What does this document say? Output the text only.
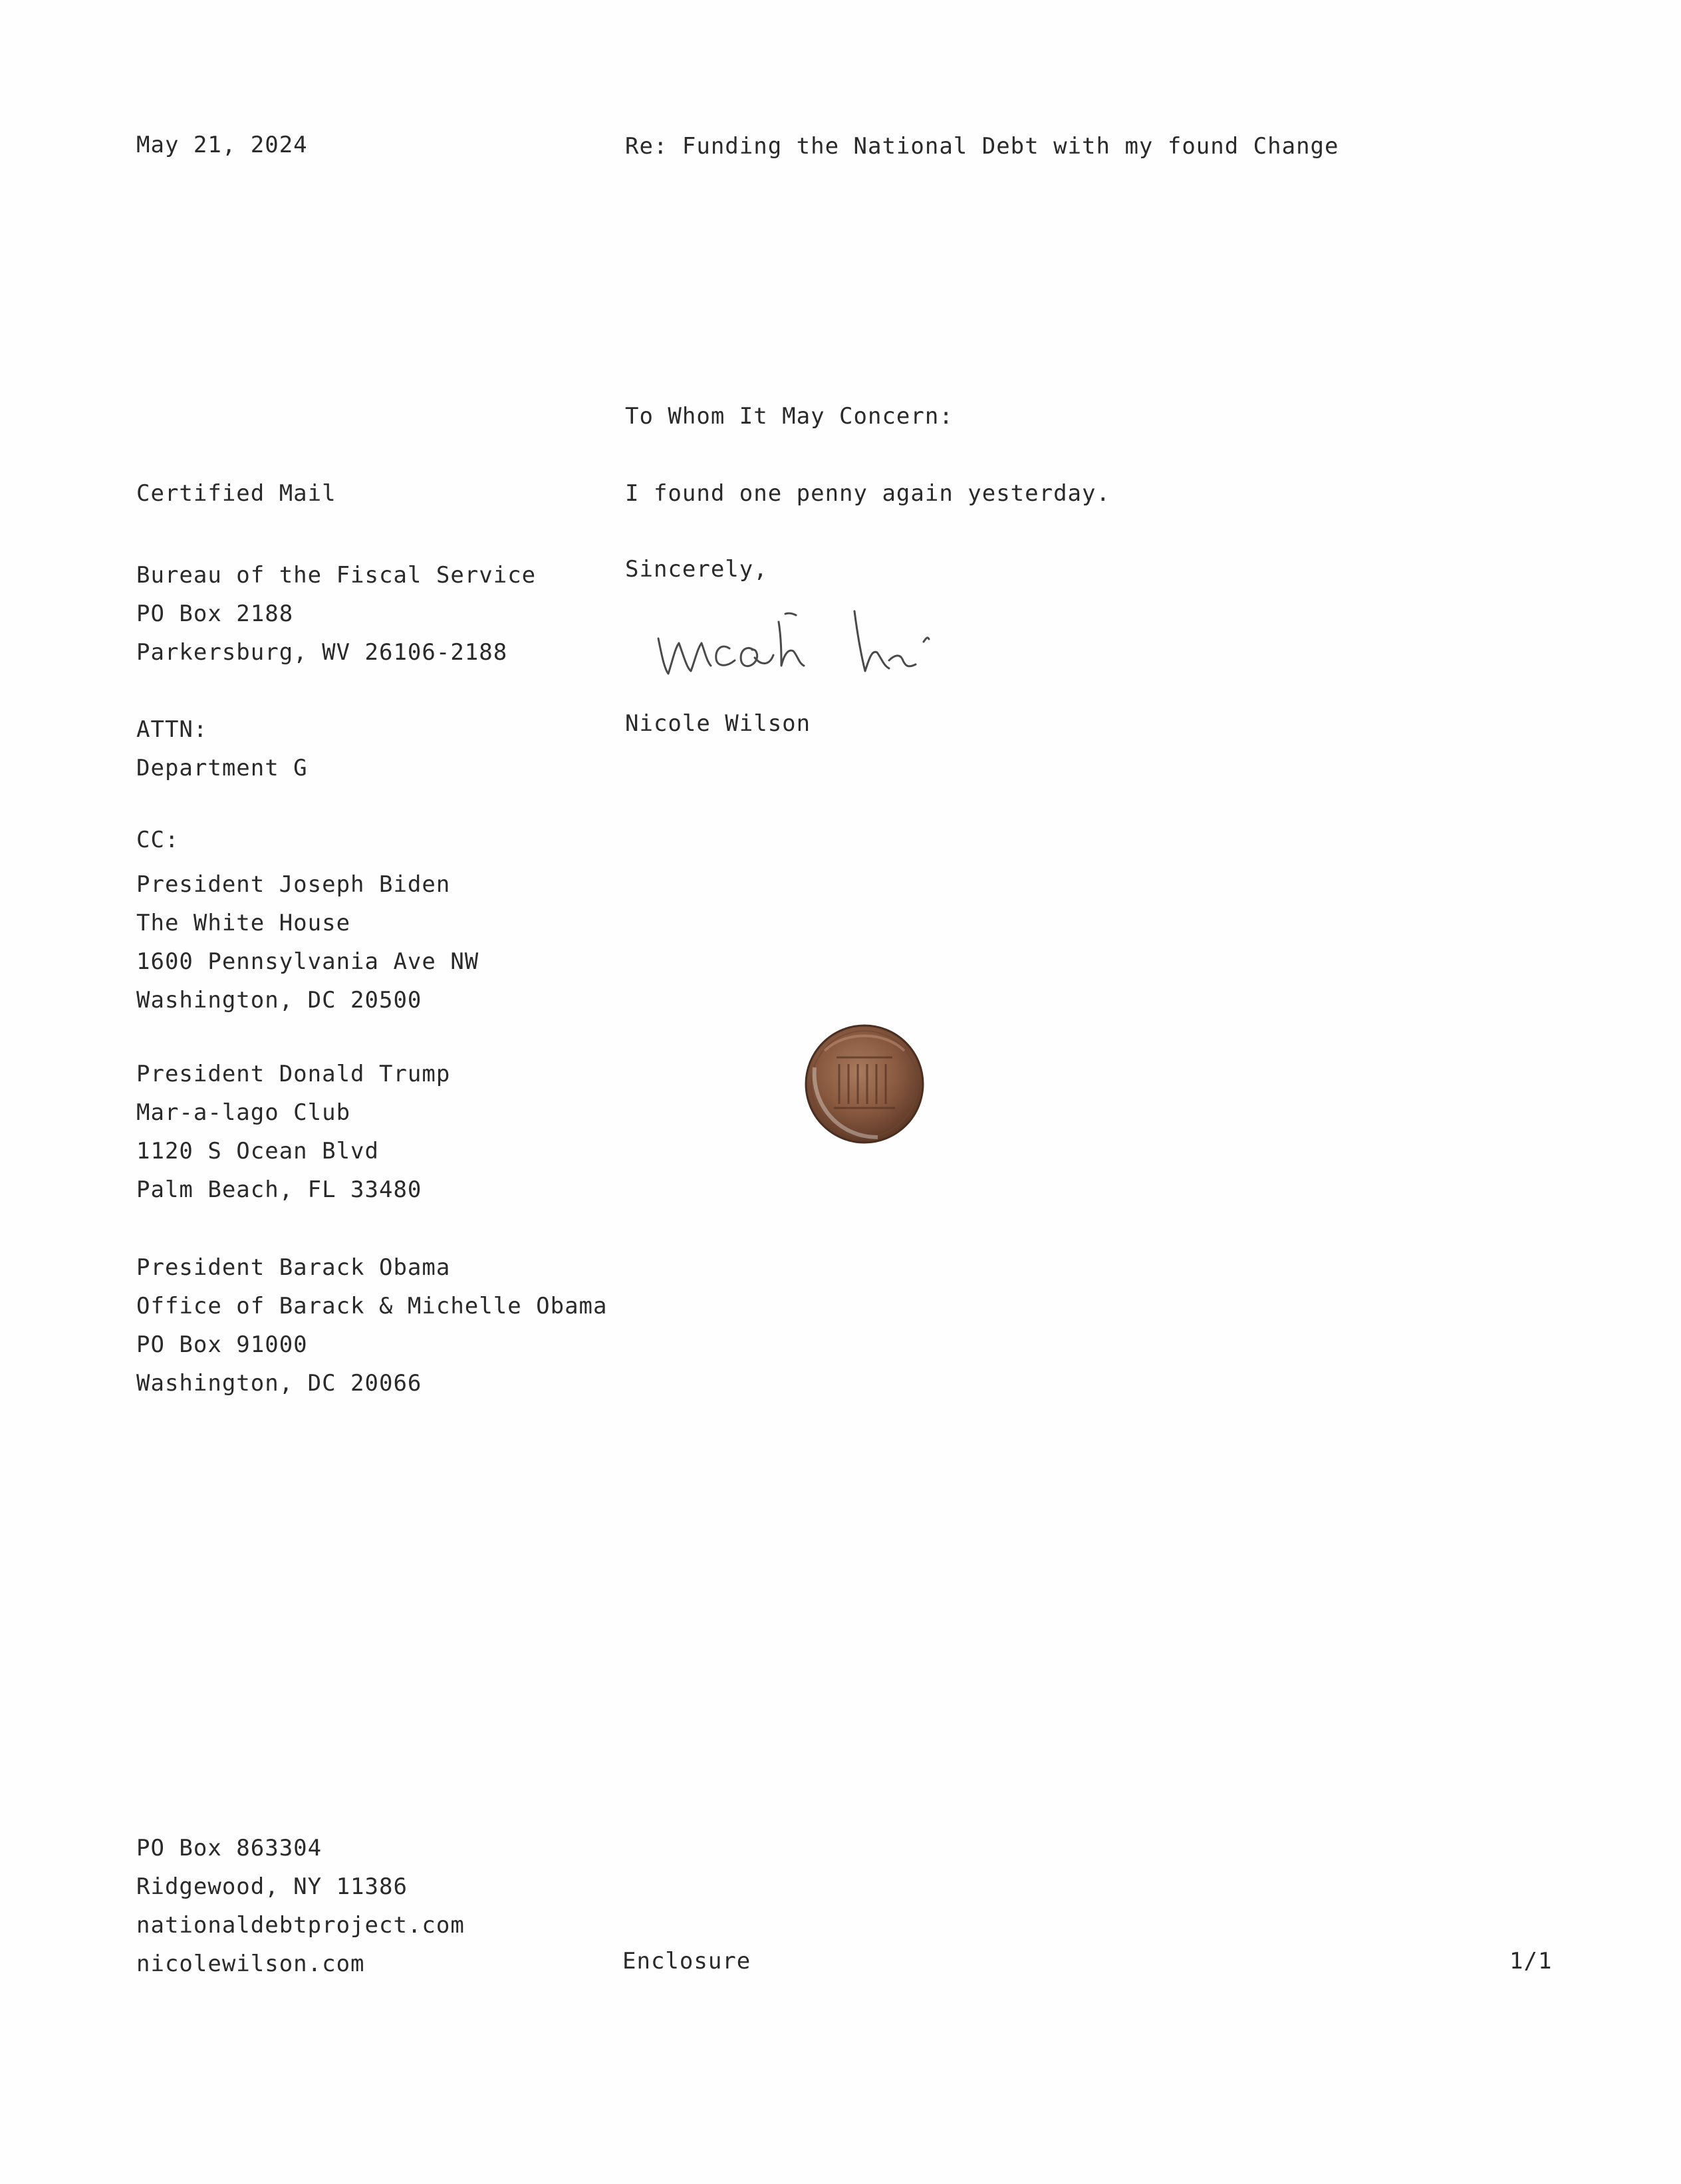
May 21, 2024	Re: Funding the National Debt with my found Change
To Whom It May Concern:
Certified Mail	I found one penny again yesterday.
Bureau of the Fiscal Service
PO Box 2188
Parkersburg, WV 26106-2188
Sincerely,
ATTN:
Department G
Nicole Wilson
CC:
President Joseph Biden
The White House
1600 Pennsylvania Ave NW
Washington, DC 20500
President Donald Trump
Mar-a-lago Club
1120 S Ocean Blvd
Palm Beach, FL 33480
President Barack Obama
Office of Barack & Michelle Obama
PO Box 91000
Washington, DC 20066
PO Box 863304
Ridgewood, NY 11386
nationaldebtproject.com
nicolewilson.com	Enclosure	1/1
